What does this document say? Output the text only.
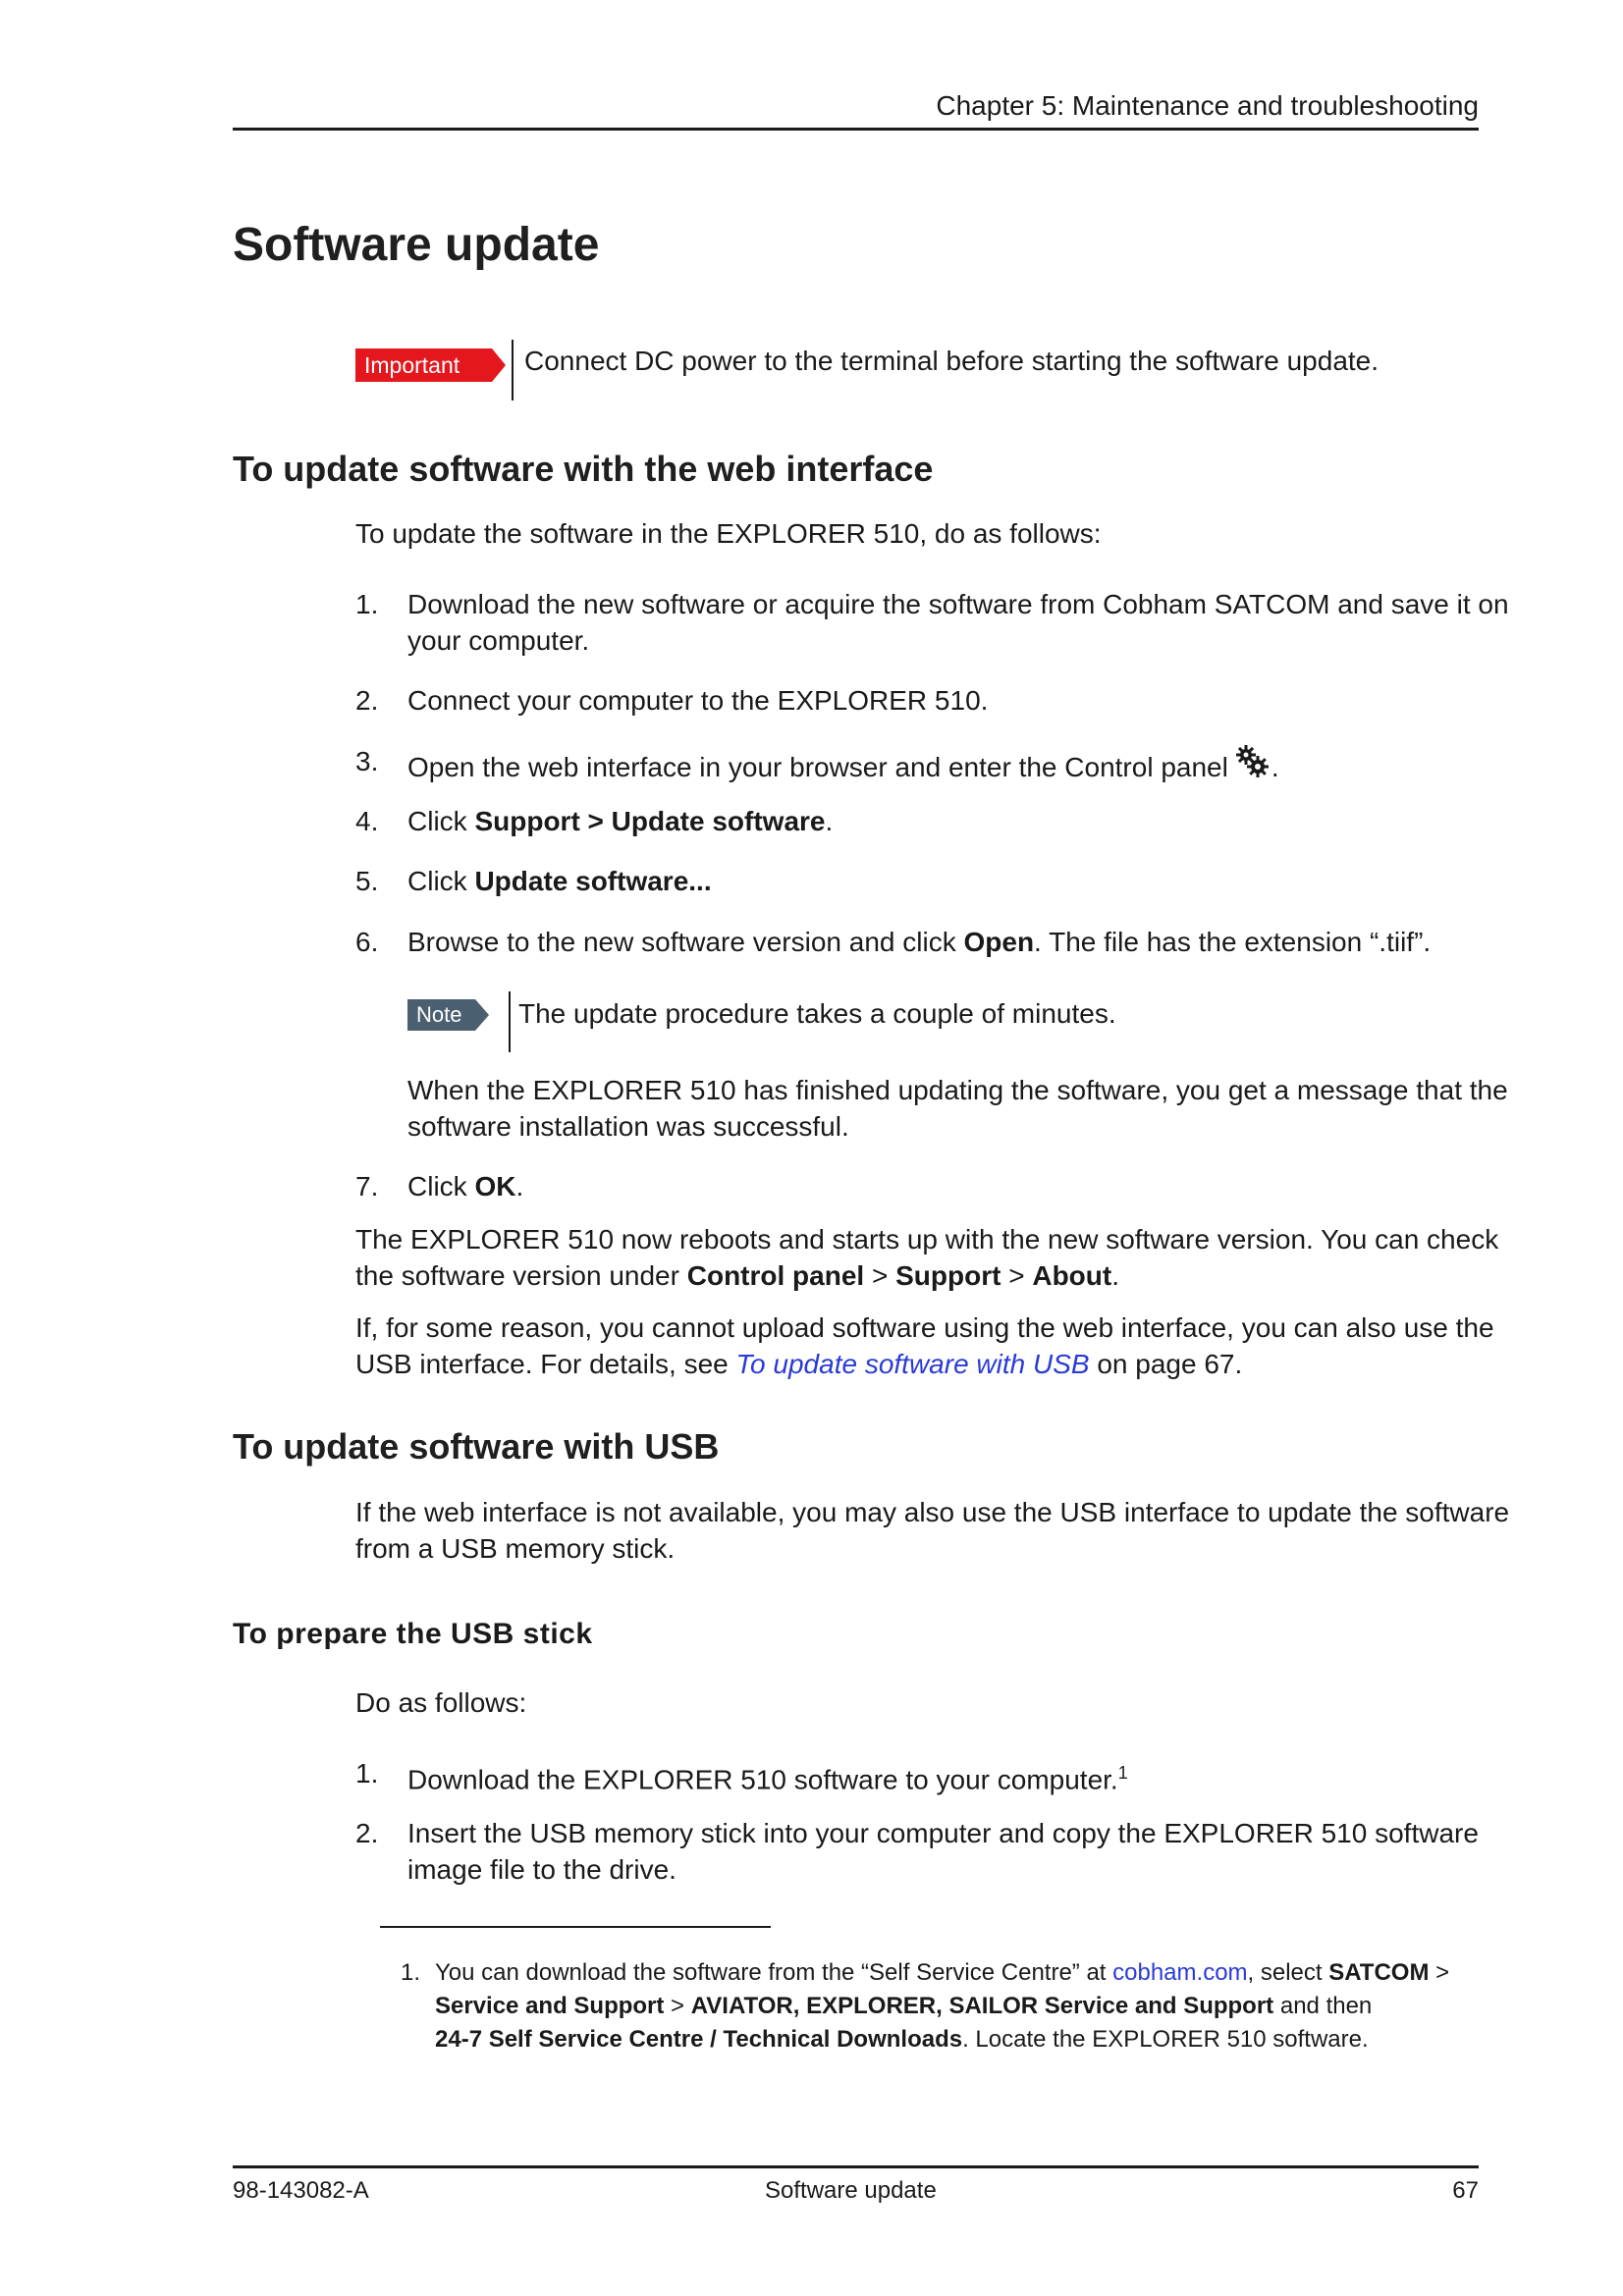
Chapter 5: Maintenance and troubleshooting
Software update
Important	Connect DC power to the terminal before starting the software update.
To update software with the web interface
To update the software in the EXPLORER 510, do as follows:
1. Download the new software or acquire the software from Cobham SATCOM and save it on
your computer.
2. Connect your computer to the EXPLORER 510.
3. Open the web interface in your browser and enter the Control panel .
4. Click Support > Update software.
5. Click Update software...
6. Browse to the new software version and click Open. The file has the extension “.tiif”.
Note	The update procedure takes a couple of minutes.
When the EXPLORER 510 has finished updating the software, you get a message that the
software installation was successful.
7. Click OK.
The EXPLORER 510 now reboots and starts up with the new software version. You can check
the software version under Control panel > Support > About.
If, for some reason, you cannot upload software using the web interface, you can also use the
USB interface. For details, see To update software with USB on page 67.
To update software with USB
If the web interface is not available, you may also use the USB interface to update the software
from a USB memory stick.
To prepare the USB stick
Do as follows:
1. Download the EXPLORER 510 software to your computer.$^1$
2. Insert the USB memory stick into your computer and copy the EXPLORER 510 software
image file to the drive.
1. You can download the software from the “Self Service Centre” at cobham.com, select SATCOM >
Service and Support > AVIATOR, EXPLORER, SAILOR Service and Support and then
24-7 Self Service Centre / Technical Downloads. Locate the EXPLORER 510 software.
98-143082-A	Software update	67
